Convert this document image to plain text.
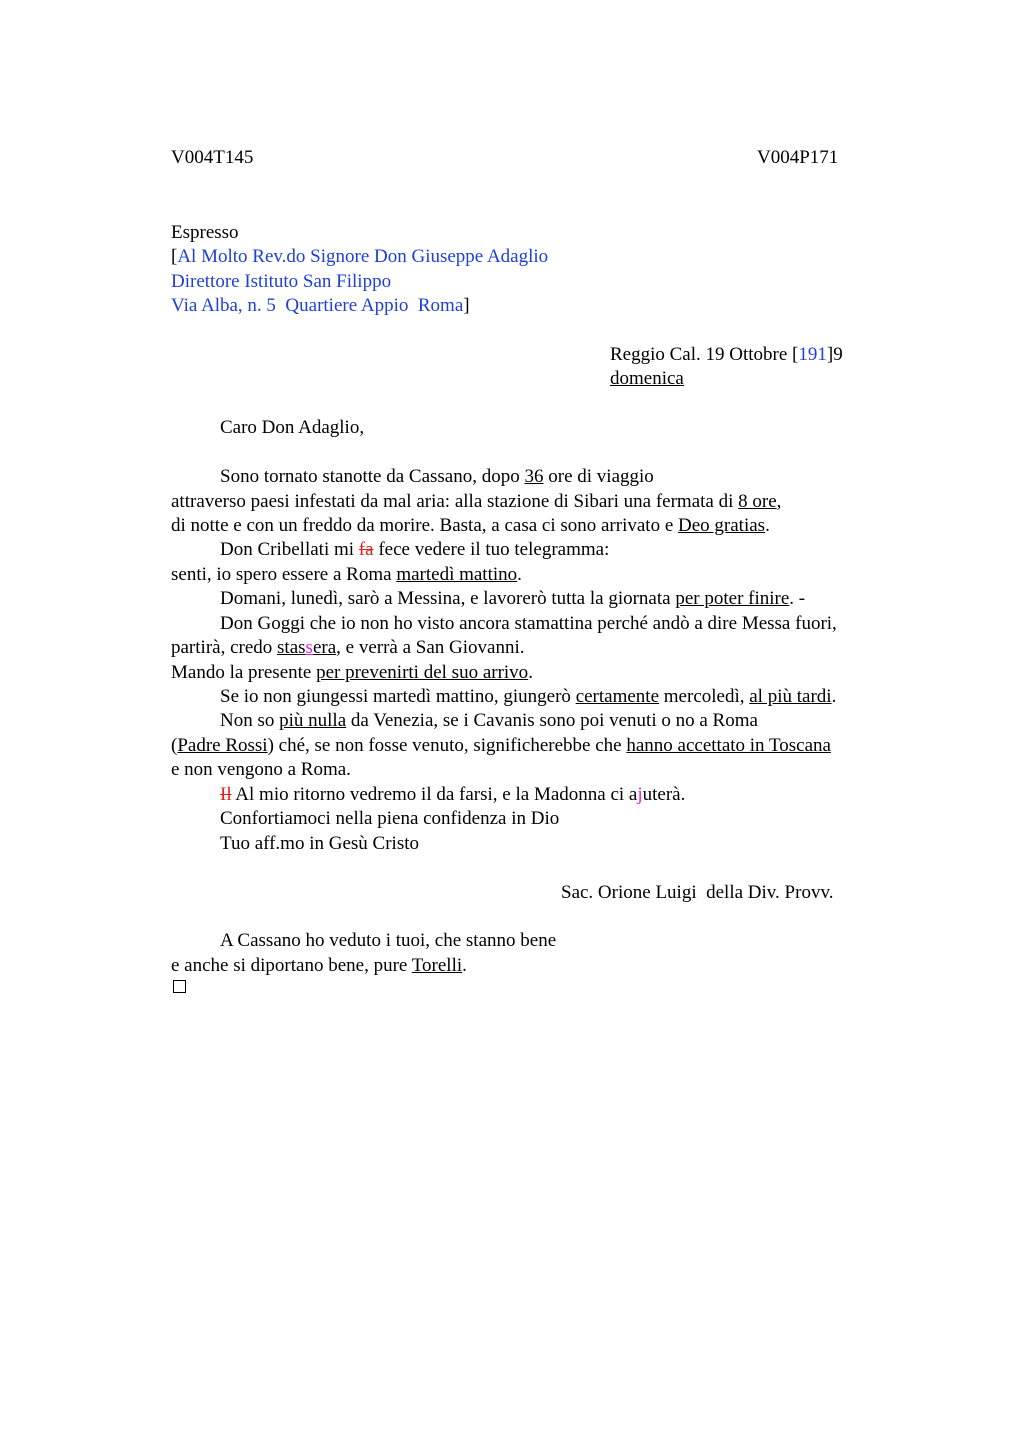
V004T145	V004P171
Espresso
[Al Molto Rev.do Signore Don Giuseppe Adaglio
Direttore Istituto San Filippo
Via Alba, n. 5  Quartiere Appio  Roma]
Reggio Cal. 19 Ottobre [191]9
domenica
Caro Don Adaglio,
Sono tornato stanotte da Cassano, dopo 36 ore di viaggio
attraverso paesi infestati da mal aria: alla stazione di Sibari una fermata di 8 ore,
di notte e con un freddo da morire. Basta, a casa ci sono arrivato e Deo gratias.
Don Cribellati mi fa fece vedere il tuo telegramma:
senti, io spero essere a Roma martedì mattino.
Domani, lunedì, sarò a Messina, e lavorerò tutta la giornata per poter finire. -
Don Goggi che io non ho visto ancora stamattina perché andò a dire Messa fuori,
partirà, credo stassera, e verrà a San Giovanni.
Mando la presente per prevenirti del suo arrivo.
Se io non giungessi martedì mattino, giungerò certamente mercoledì, al più tardi.
Non so più nulla da Venezia, se i Cavanis sono poi venuti o no a Roma
(Padre Rossi) ché, se non fosse venuto, significherebbe che hanno accettato in Toscana
e non vengono a Roma.
Il Al mio ritorno vedremo il da farsi, e la Madonna ci ajuterà.
Confortiamoci nella piena confidenza in Dio
Tuo aff.mo in Gesù Cristo
Sac. Orione Luigi  della Div. Provv.
A Cassano ho veduto i tuoi, che stanno bene
e anche si diportano bene, pure Torelli.
